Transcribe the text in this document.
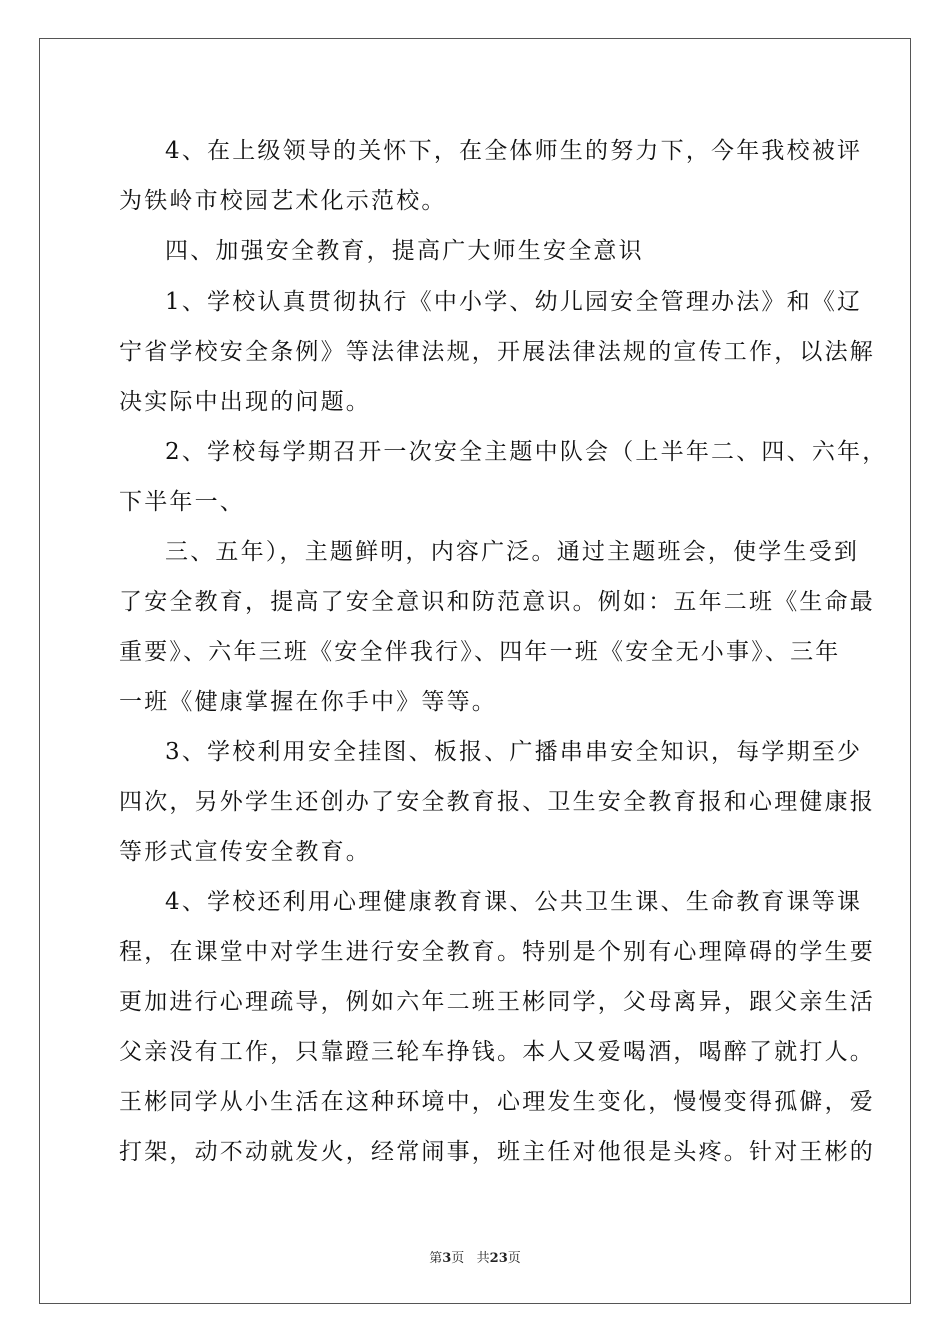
4、在上级领导的关怀下，在全体师生的努力下，今年我校被评
为铁岭市校园艺术化示范校。
四、加强安全教育，提高广大师生安全意识
1、学校认真贯彻执行《中小学、幼儿园安全管理办法》和《辽
宁省学校安全条例》等法律法规，开展法律法规的宣传工作，以法解
决实际中出现的问题。
2、学校每学期召开一次安全主题中队会（上半年二、四、六年，
下半年一、
三、五年），主题鲜明，内容广泛。通过主题班会，使学生受到
了安全教育，提高了安全意识和防范意识。例如：五年二班《生命最
重要》、六年三班《安全伴我行》、四年一班《安全无小事》、三年
一班《健康掌握在你手中》等等。
3、学校利用安全挂图、板报、广播串串安全知识，每学期至少
四次，另外学生还创办了安全教育报、卫生安全教育报和心理健康报
等形式宣传安全教育。
4、学校还利用心理健康教育课、公共卫生课、生命教育课等课
程，在课堂中对学生进行安全教育。特别是个别有心理障碍的学生要
更加进行心理疏导，例如六年二班王彬同学，父母离异，跟父亲生活
父亲没有工作，只靠蹬三轮车挣钱。本人又爱喝酒，喝醉了就打人。
王彬同学从小生活在这种环境中，心理发生变化，慢慢变得孤僻，爱
打架，动不动就发火，经常闹事，班主任对他很是头疼。针对王彬的
第3页   共23页
